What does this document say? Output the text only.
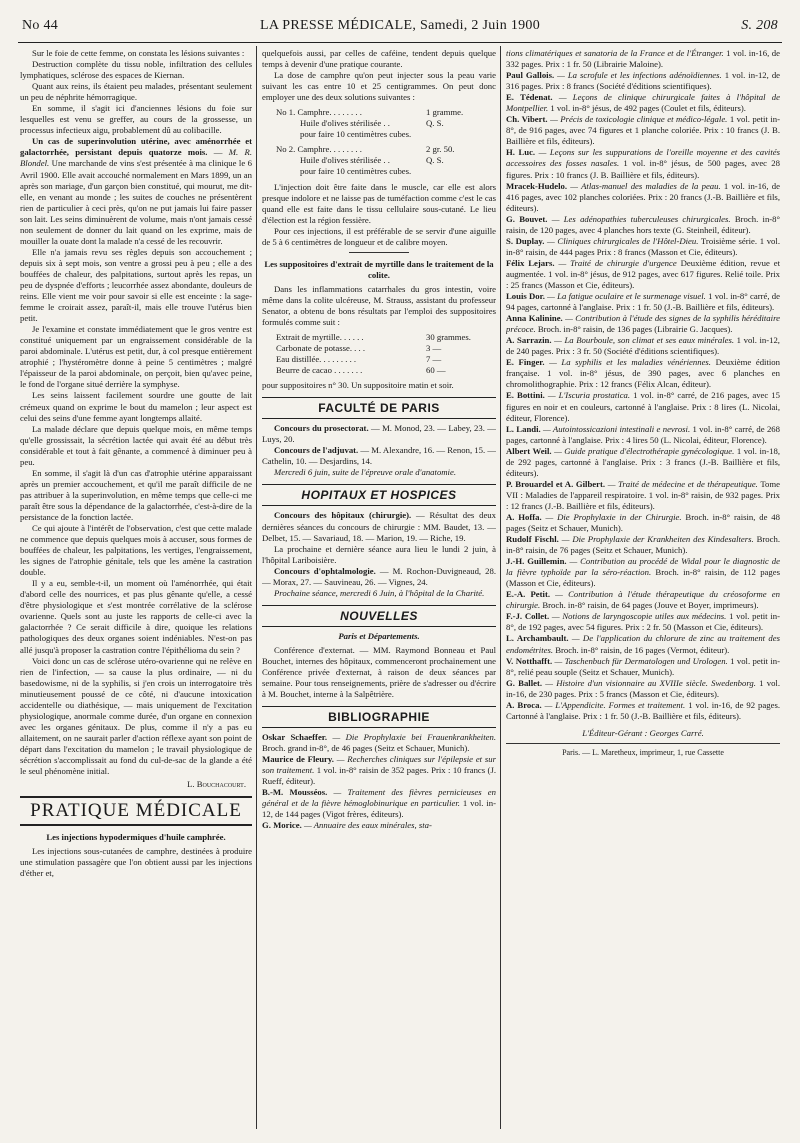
No 44	LA PRESSE MÉDICALE, Samedi, 2 Juin 1900	S. 208

Sur le foie de cette femme, on constata les lésions suivantes :

Destruction complète du tissu noble, infiltration des cellules lymphatiques, sclérose des espaces de Kiernan.

Quant aux reins, ils étaient peu malades, présentant seulement un peu de néphrite hémorragique.

En somme, il s'agit ici d'anciennes lésions du foie sur lesquelles est venu se greffer, au cours de la grossesse, un processus infectieux aigu, probablement dû au colibacille.

Un cas de superinvolution utérine, avec aménorrhée et galactorrhée, persistant depuis quatorze mois. — M. R. Blondel. Une marchande de vins s'est présentée à ma clinique le 6 Avril 1900. Elle avait accouché normalement en Mars 1899, un an après son mariage, d'un garçon bien constitué, qui mourut, me dit-elle, en venant au monde ; les suites de couches ne présentèrent rien de particulier à ceci près, qu'on ne put jamais lui faire passer son lait. Les seins diminuèrent de volume, mais n'ont jamais cessé non seulement de donner du lait quand on les exprime, mais de mouiller la ouate dont la malade n'a cessé de les recouvrir.

Elle n'a jamais revu ses règles depuis son accouchement ; depuis six à sept mois, son ventre a grossi peu à peu ; elle a des bouffées de chaleur, des palpitations, surtout après les repas, un peu de dyspnée d'efforts ; leucorrhée assez abondante, douleurs de reins. Elle vient me voir pour savoir si elle est enceinte : la sage-femme le croirait assez, paraît-il, mais elle trouve l'utérus bien petit.

Je l'examine et constate immédiatement que le gros ventre est constitué uniquement par un engraissement considérable de la paroi abdominale. L'utérus est petit, dur, à col presque entièrement atrophié ; l'hystéromètre donne à peine 5 centimètres ; malgré l'épaisseur de la paroi abdominale, on perçoit, bien qu'avec peine, le fond de l'organe situé derrière la symphyse.

Les seins laissent facilement sourdre une goutte de lait crémeux quand on exprime le bout du mamelon ; leur aspect est celui des seins d'une femme ayant longtemps allaité.

La malade déclare que depuis quelque mois, en même temps qu'elle grossissait, la sécrétion lactée qui avait été au début très considérable et tout à fait gênante, a commencé à diminuer peu à peu.

En somme, il s'agit là d'un cas d'atrophie utérine apparaissant après un premier accouchement, et qu'il me paraît difficile de ne pas attribuer à la superinvolution, en même temps que celle-ci me paraît être sous la dépendance de la galactorrhée, c'est-à-dire de la persistance de la fonction lactée.

Ce qui ajoute à l'intérêt de l'observation, c'est que cette malade ne commence que depuis quelques mois à accuser, sous formes de bouffées de chaleur, les palpitations, les vertiges, l'engraissement, les signes de l'atrophie génitale, tels que les amène la castration double.

Il y a eu, semble-t-il, un moment où l'aménorrhée, qui était d'abord celle des nourrices, et pas plus gênante qu'elle, a cessé d'être physiologique et s'est montrée corrélative de la sclérose ovarienne. Quels sont au juste les rapports de celle-ci avec la galactorrhée ? Ce serait difficile à dire, quoique les relations pathologiques des deux organes soient indéniables. N'est-on pas allé jusqu'à proposer la castration contre l'épithélioma du sein ?

Voici donc un cas de sclérose utéro-ovarienne qui ne relève en rien de l'infection, — sa cause la plus ordinaire, — ni du basedowisme, ni de la syphilis, si j'en crois un interrogatoire très minutieusement poussé de ce côté, ni d'aucune intoxication accidentelle ou diathésique, — mais uniquement de l'excitation physiologique, anormale comme durée, d'un organe en connexion avec les organes génitaux. De plus, comme il n'y a pas eu allaitement, on ne saurait parler d'action réflexe ayant son point de départ dans l'excitation du mamelon ; le travail physiologique de sécrétion s'accomplissait au fond du cul-de-sac de la glande a été le seul phénomène initial.

L. Bouchacourt.
PRATIQUE MÉDICALE
Les injections hypodermiques d'huile camphrée.

Les injections sous-cutanées de camphre, destinées à produire une stimulation passagère que l'on obtient aussi par les injections d'éther et,

quelquefois aussi, par celles de caféine, tendent depuis quelque temps à devenir d'une pratique courante.

La dose de camphre qu'on peut injecter sous la peau varie suivant les cas entre 10 et 25 centigrammes. On peut donc employer une des deux solutions suivantes :

No 1. Camphre. . . . . . . .	1 gramme.
Huile d'olives stérilisée . .	Q. S.
pour faire 10 centimètres cubes.
No 2. Camphre. . . . . . . .	2 gr. 50.
Huile d'olives stérilisée . .	Q. S.
pour faire 10 centimètres cubes.

L'injection doit être faite dans le muscle, car elle est alors presque indolore et ne laisse pas de tuméfaction comme c'est le cas quand elle est faite dans le tissu cellulaire sous-cutané. Le lieu d'élection est la région fessière.

Pour ces injections, il est préférable de se servir d'une aiguille de 5 à 6 centimètres de longueur et de calibre moyen.

Les suppositoires d'extrait de myrtille dans le traitement de la colite.

Dans les inflammations catarrhales du gros intestin, voire même dans la colite ulcéreuse, M. Strauss, assistant du professeur Senator, a obtenu de bons résultats par l'emploi des suppositoires formulés comme suit :

Extrait de myrtille. . . . . .	30 grammes.
Carbonate de potasse. . . .	3 —
Eau distillée. . . . . . . . .	7 —
Beurre de cacao . . . . . . .	60 —

pour suppositoires n° 30. Un suppositoire matin et soir.

FACULTÉ DE PARIS

Concours du prosectorat. — M. Monod, 23. — Labey, 23. — Luys, 20.

Concours de l'adjuvat. — M. Alexandre, 16. — Renon, 15. — Cathelin, 10. — Desjardins, 14.

Mercredi 6 juin, suite de l'épreuve orale d'anatomie.

HOPITAUX ET HOSPICES

Concours des hôpitaux (chirurgie). — Résultat des deux dernières séances du concours de chirurgie : MM. Baudet, 13. — Delbet, 15. — Savariaud, 18. — Marion, 19. — Riche, 19.

La prochaine et dernière séance aura lieu le lundi 2 juin, à l'hôpital Lariboisière.

Concours d'ophtalmologie. — M. Rochon-Duvigneaud, 28. — Morax, 27. — Sauvineau, 26. — Vignes, 24.

Prochaine séance, mercredi 6 Juin, à l'hôpital de la Charité.

NOUVELLES
Paris et Départements.

Conférence d'externat. — MM. Raymond Bonneau et Paul Bouchet, internes des hôpitaux, commenceront prochainement une Conférence privée d'externat, à raison de deux séances par semaine. Pour tous renseignements, prière de s'adresser ou d'écrire à M. Bouchet, interne à la Salpêtrière.

BIBLIOGRAPHIE

Oskar Schaeffer. — Die Prophylaxie bei Frauenkrankheiten. Broch. grand in-8°, de 46 pages (Seitz et Schauer, Munich).

Maurice de Fleury. — Recherches cliniques sur l'épilepsie et sur son traitement. 1 vol. in-8° raisin de 352 pages. Prix : 10 francs (J. Rueff, éditeur).

B.-M. Mousséos. — Traitement des fièvres pernicieuses en général et de la fièvre hémoglobinurique en particulier. 1 vol. in-12, de 144 pages (Vigot frères, éditeurs).

G. Morice. — Annuaire des eaux minérales, sta-

tions climatériques et sanatoria de la France et de l'Étranger. 1 vol. in-16, de 332 pages. Prix : 1 fr. 50 (Librairie Maloine).

Paul Gallois. — La scrofule et les infections adénoïdiennes. 1 vol. in-12, de 316 pages. Prix : 8 francs (Société d'éditions scientifiques).

E. Tédenat. — Leçons de clinique chirurgicale faites à l'hôpital de Montpellier. 1 vol. in-8° jésus, de 492 pages (Coulet et fils, éditeurs).

Ch. Vibert. — Précis de toxicologie clinique et médico-légale. 1 vol. petit in-8°, de 916 pages, avec 74 figures et 1 planche coloriée. Prix : 10 francs (J. B. Baillière et fils, éditeurs).

H. Luc. — Leçons sur les suppurations de l'oreille moyenne et des cavités accessoires des fosses nasales. 1 vol. in-8° jésus, de 500 pages, avec 28 figures. Prix : 10 francs (J. B. Baillière et fils, éditeurs).

Mracek-Hudelo. — Atlas-manuel des maladies de la peau. 1 vol. in-16, de 416 pages, avec 102 planches coloriées. Prix : 20 francs (J.-B. Baillière et fils, éditeurs).

G. Bouvet. — Les adénopathies tuberculeuses chirurgicales. Broch. in-8° raisin, de 120 pages, avec 4 planches hors texte (G. Steinheil, éditeur).

S. Duplay. — Cliniques chirurgicales de l'Hôtel-Dieu. Troisième série. 1 vol. in-8° raisin, de 444 pages Prix : 8 francs (Masson et Cie, éditeurs).

Félix Lejars. — Traité de chirurgie d'urgence Deuxième édition, revue et augmentée. 1 vol. in-8° jésus, de 912 pages, avec 617 figures. Relié toile. Prix : 25 francs (Masson et Cie, éditeurs).

Louis Dor. — La fatigue oculaire et le surmenage visuel. 1 vol. in-8° carré, de 94 pages, cartonné à l'anglaise. Prix : 1 fr. 50 (J.-B. Baillière et fils, éditeurs).

Anna Kalinine. — Contribution à l'étude des signes de la syphilis héréditaire précoce. Broch. in-8° raisin, de 136 pages (Librairie G. Jacques).

A. Sarrazin. — La Bourboule, son climat et ses eaux minérales. 1 vol. in-12, de 240 pages. Prix : 3 fr. 50 (Société d'éditions scientifiques).

E. Finger. — La syphilis et les maladies vénériennes. Deuxième édition française. 1 vol. in-8° jésus, de 390 pages, avec 6 planches en chromolithographie. Prix : 12 francs (Félix Alcan, éditeur).

E. Bottini. — L'Iscuria prostatica. 1 vol. in-8° carré, de 216 pages, avec 15 figures en noir et en couleurs, cartonné à l'anglaise. Prix : 8 lires (L. Nicolai, éditeur, Florence).

L. Landi. — Autointossicazioni intestinali e nevrosi. 1 vol. in-8° carré, de 268 pages, cartonné à l'anglaise. Prix : 4 lires 50 (L. Nicolai, éditeur, Florence).

Albert Weil. — Guide pratique d'électrothérapie gynécologique. 1 vol. in-18, de 292 pages, cartonné à l'anglaise. Prix : 3 francs (J.-B. Baillière et fils, éditeurs).

P. Brouardel et A. Gilbert. — Traité de médecine et de thérapeutique. Tome VII : Maladies de l'appareil respiratoire. 1 vol. in-8° raisin, de 932 pages. Prix : 12 francs (J.-B. Baillière et fils, éditeurs).

A. Hoffa. — Die Prophylaxie in der Chirurgie. Broch. in-8° raisin, de 48 pages (Seitz et Schauer, Munich).

Rudolf Fischl. — Die Prophylaxie der Krankheiten des Kindesalters. Broch. in-8° raisin, de 76 pages (Seitz et Schauer, Munich).

J.-H. Guillemin. — Contribution au procédé de Widal pour le diagnostic de la fièvre typhoïde par la séro-réaction. Broch. in-8° raisin, de 112 pages (Masson et Cie, éditeurs).

E.-A. Petit. — Contribution à l'étude thérapeutique du créosoforme en chirurgie. Broch. in-8° raisin, de 64 pages (Jouve et Boyer, imprimeurs).

F.-J. Collet. — Notions de laryngoscopie utiles aux médecins. 1 vol. petit in-8°, de 192 pages, avec 54 figures. Prix : 2 fr. 50 (Masson et Cie, éditeurs).

L. Archambault. — De l'application du chlorure de zinc au traitement des endométrites. Broch. in-8° raisin, de 16 pages (Vermot, éditeur).

V. Notthafft. — Taschenbuch für Dermatologen und Urologen. 1 vol. petit in-8°, relié peau souple (Seitz et Schauer, Munich).

G. Ballet. — Histoire d'un visionnaire au XVIIIe siècle. Swedenborg. 1 vol. in-16, de 230 pages. Prix : 5 francs (Masson et Cie, éditeurs).

A. Broca. — L'Appendicite. Formes et traitement. 1 vol. in-16, de 92 pages. Cartonné à l'anglaise. Prix : 1 fr. 50 (J.-B. Baillière et fils, éditeurs).

L'Éditeur-Gérant : Georges Carré.
Paris. — L. Maretheux, imprimeur, 1, rue Cassette
